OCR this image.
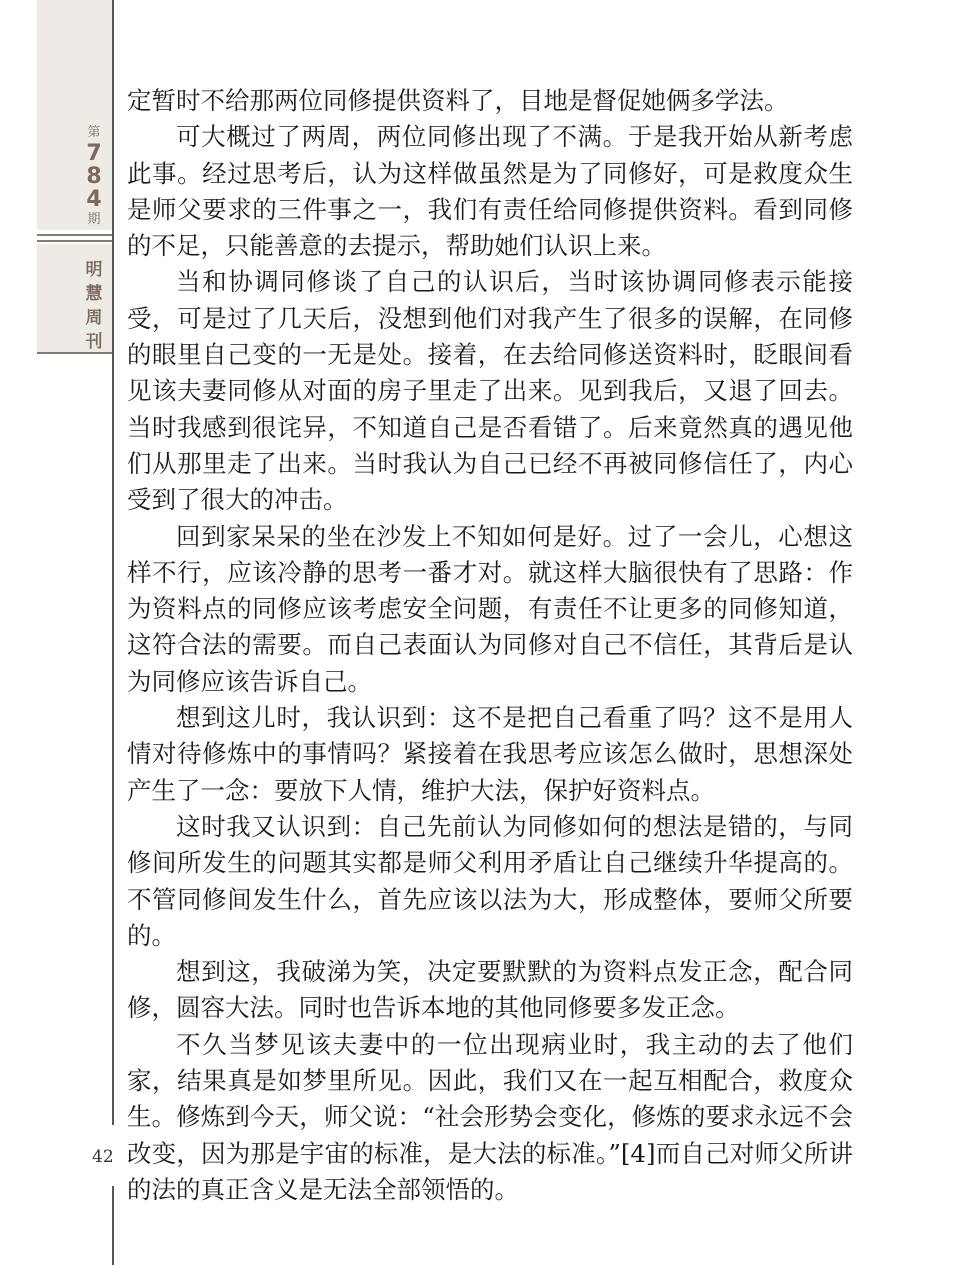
第
7
8
4
期
明
慧
周
刊

定暂时不给那两位同修提供资料了，目地是督促她俩多学法。

可大概过了两周，两位同修出现了不满。于是我开始从新考虑此事。经过思考后，认为这样做虽然是为了同修好，可是救度众生是师父要求的三件事之一，我们有责任给同修提供资料。看到同修的不足，只能善意的去提示，帮助她们认识上来。

当和协调同修谈了自己的认识后，当时该协调同修表示能接受，可是过了几天后，没想到他们对我产生了很多的误解，在同修的眼里自己变的一无是处。接着，在去给同修送资料时，眨眼间看见该夫妻同修从对面的房子里走了出来。见到我后，又退了回去。当时我感到很诧异，不知道自己是否看错了。后来竟然真的遇见他们从那里走了出来。当时我认为自己已经不再被同修信任了，内心受到了很大的冲击。

回到家呆呆的坐在沙发上不知如何是好。过了一会儿，心想这样不行，应该冷静的思考一番才对。就这样大脑很快有了思路：作为资料点的同修应该考虑安全问题，有责任不让更多的同修知道，这符合法的需要。而自己表面认为同修对自己不信任，其背后是认为同修应该告诉自己。

想到这儿时，我认识到：这不是把自己看重了吗？这不是用人情对待修炼中的事情吗？紧接着在我思考应该怎么做时，思想深处产生了一念：要放下人情，维护大法，保护好资料点。

这时我又认识到：自己先前认为同修如何的想法是错的，与同修间所发生的问题其实都是师父利用矛盾让自己继续升华提高的。不管同修间发生什么，首先应该以法为大，形成整体，要师父所要的。

想到这，我破涕为笑，决定要默默的为资料点发正念，配合同修，圆容大法。同时也告诉本地的其他同修要多发正念。

不久当梦见该夫妻中的一位出现病业时，我主动的去了他们家，结果真是如梦里所见。因此，我们又在一起互相配合，救度众生。修炼到今天，师父说：“社会形势会变化，修炼的要求永远不会改变，因为那是宇宙的标准，是大法的标准。”[4]而自己对师父所讲的法的真正含义是无法全部领悟的。

42
